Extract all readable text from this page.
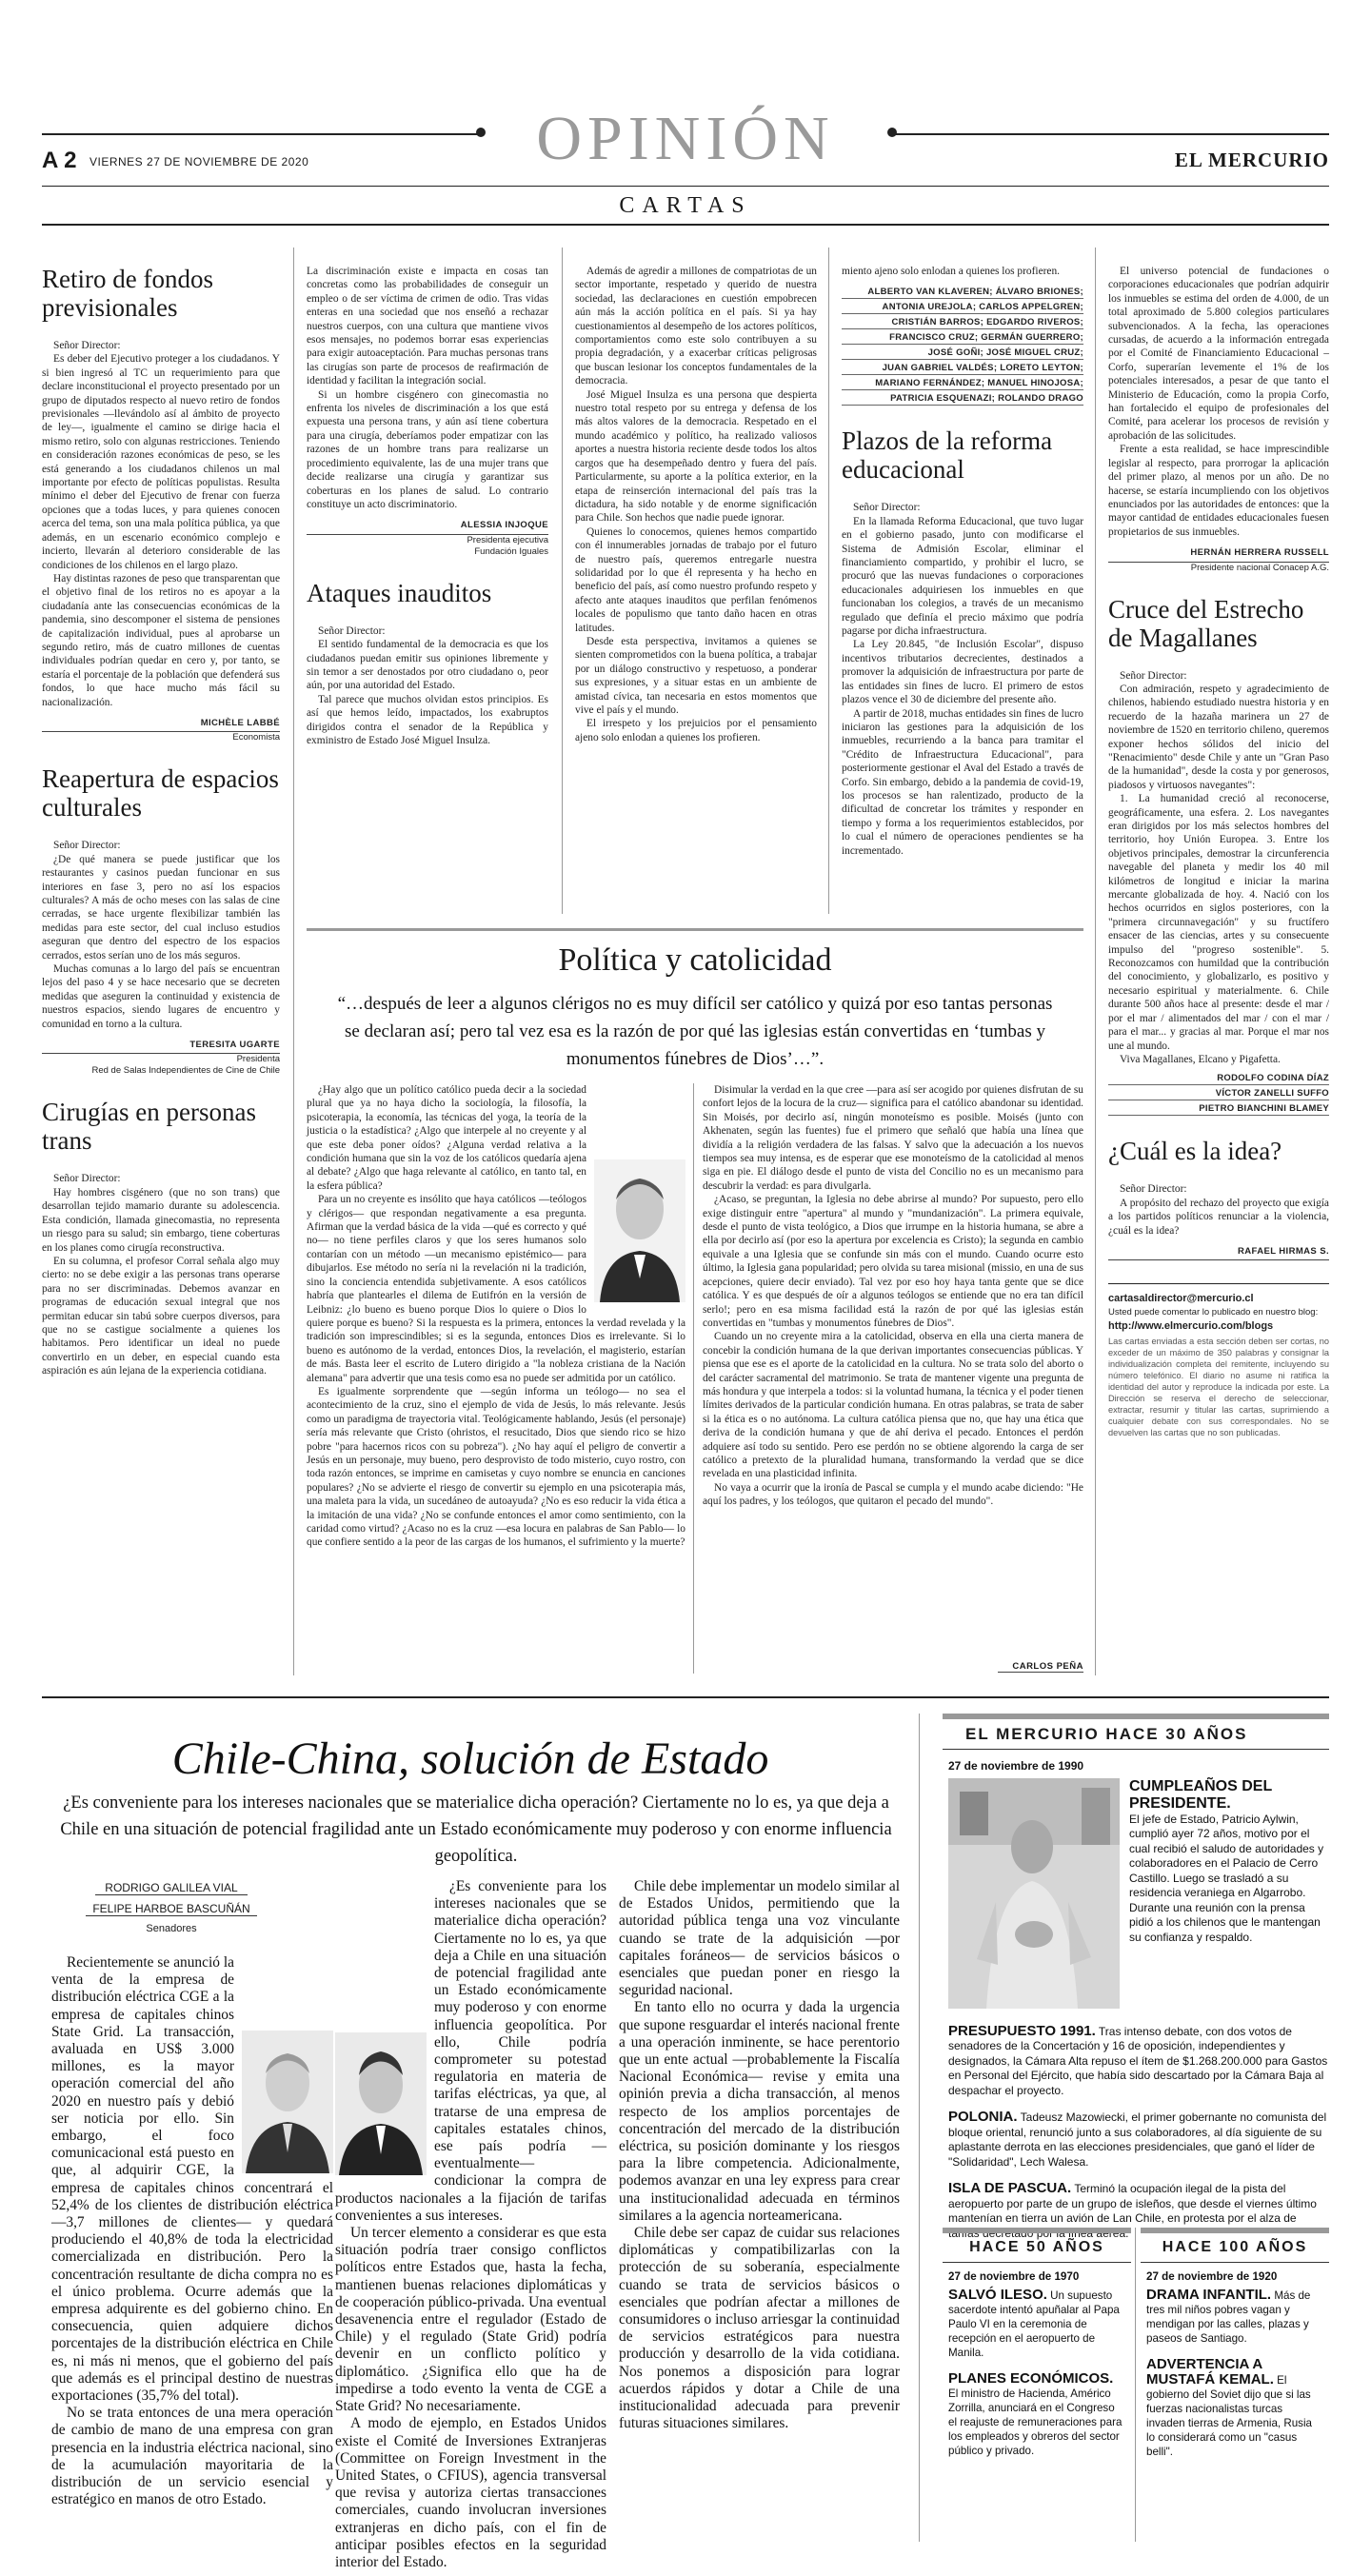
OPINIÓN
A 2 VIERNES 27 DE NOVIEMBRE DE 2020	EL MERCURIO
CARTAS
Retiro de fondos previsionales

Señor Director:

Es deber del Ejecutivo proteger a los ciudadanos. Y si bien ingresó al TC un requerimiento para que declare inconstitucional el proyecto presentado por un grupo de diputados respecto al nuevo retiro de fondos previsionales —llevándolo así al ámbito de proyecto de ley—, igualmente el camino se dirige hacia el mismo retiro, solo con algunas restricciones. Teniendo en consideración razones económicas de peso, se les está generando a los ciudadanos chilenos un mal importante por efecto de políticas populistas. Resulta mínimo el deber del Ejecutivo de frenar con fuerza opciones que a todas luces, y para quienes conocen acerca del tema, son una mala política pública, ya que además, en un escenario económico complejo e incierto, llevarán al deterioro considerable de las condiciones de los chilenos en el largo plazo.

Hay distintas razones de peso que transparentan que el objetivo final de los retiros no es apoyar a la ciudadanía ante las consecuencias económicas de la pandemia, sino descomponer el sistema de pensiones de capitalización individual, pues al aprobarse un segundo retiro, más de cuatro millones de cuentas individuales podrían quedar en cero y, por tanto, se estaría el porcentaje de la población que defenderá sus fondos, lo que hace mucho más fácil su nacionalización.

MICHÈLE LABBÉ
Economista
Reapertura de espacios culturales

Señor Director:

¿De qué manera se puede justificar que los restaurantes y casinos puedan funcionar en sus interiores en fase 3, pero no así los espacios culturales? A más de ocho meses con las salas de cine cerradas, se hace urgente flexibilizar también las medidas para este sector, del cual incluso estudios aseguran que dentro del espectro de los espacios cerrados, estos serían uno de los más seguros.

Muchas comunas a lo largo del país se encuentran lejos del paso 4 y se hace necesario que se decreten medidas que aseguren la continuidad y existencia de nuestros espacios, siendo lugares de encuentro y comunidad en torno a la cultura.

TERESITA UGARTE
Presidenta
Red de Salas Independientes de Cine de Chile
Cirugías en personas trans

Señor Director:

Hay hombres cisgénero (que no son trans) que desarrollan tejido mamario durante su adolescencia. Esta condición, llamada ginecomastia, no representa un riesgo para su salud; sin embargo, tiene coberturas en los planes como cirugía reconstructiva.

En su columna, el profesor Corral señala algo muy cierto: no se debe exigir a las personas trans operarse para no ser discriminadas. Debemos avanzar en programas de educación sexual integral que nos permitan educar sin tabú sobre cuerpos diversos, para que no se castigue socialmente a quienes los habitamos. Pero identificar un ideal no puede convertirlo en un deber, en especial cuando esta aspiración es aún lejana de la experiencia cotidiana.

La discriminación existe e impacta en cosas tan concretas como las probabilidades de conseguir un empleo o de ser víctima de crimen de odio. Tras vidas enteras en una sociedad que nos enseñó a rechazar nuestros cuerpos, con una cultura que mantiene vivos esos mensajes, no podemos borrar esas experiencias para exigir autoaceptación. Para muchas personas trans las cirugías son parte de procesos de reafirmación de identidad y facilitan la integración social.

Si un hombre cisgénero con ginecomastia no enfrenta los niveles de discriminación a los que está expuesta una persona trans, y aún así tiene cobertura para una cirugía, deberíamos poder empatizar con las razones de un hombre trans para realizarse un procedimiento equivalente, las de una mujer trans que decide realizarse una cirugía y garantizar sus coberturas en los planes de salud. Lo contrario constituye un acto discriminatorio.

ALESSIA INJOQUE
Presidenta ejecutiva
Fundación Iguales
Ataques inauditos

Señor Director:

El sentido fundamental de la democracia es que los ciudadanos puedan emitir sus opiniones libremente y sin temor a ser denostados por otro ciudadano o, peor aún, por una autoridad del Estado.

Tal parece que muchos olvidan estos principios. Es así que hemos leído, impactados, los exabruptos dirigidos contra el senador de la República y exministro de Estado José Miguel Insulza.

Además de agredir a millones de compatriotas de un sector importante, respetado y querido de nuestra sociedad, las declaraciones en cuestión empobrecen aún más la acción política en el país. Si ya hay cuestionamientos al desempeño de los actores políticos, comportamientos como este solo contribuyen a su propia degradación, y a exacerbar críticas peligrosas que buscan lesionar los conceptos fundamentales de la democracia.

José Miguel Insulza es una persona que despierta nuestro total respeto por su entrega y defensa de los más altos valores de la democracia. Respetado en el mundo académico y político, ha realizado valiosos aportes a nuestra historia reciente desde todos los altos cargos que ha desempeñado dentro y fuera del país. Particularmente, su aporte a la política exterior, en la etapa de reinserción internacional del país tras la dictadura, ha sido notable y de enorme significación para Chile. Son hechos que nadie puede ignorar.

Quienes lo conocemos, quienes hemos compartido con él innumerables jornadas de trabajo por el futuro de nuestro país, queremos entregarle nuestra solidaridad por lo que él representa y ha hecho en beneficio del país, así como nuestro profundo respeto y afecto ante ataques inauditos que perfilan fenómenos locales de populismo que tanto daño hacen en otras latitudes.

Desde esta perspectiva, invitamos a quienes se sienten comprometidos con la buena política, a trabajar por un diálogo constructivo y respetuoso, a ponderar sus expresiones, y a situar estas en un ambiente de amistad cívica, tan necesaria en estos momentos que vive el país y el mundo.

El irrespeto y los prejuicios por el pensamiento ajeno solo enlodan a quienes los profieren.

miento ajeno solo enlodan a quienes los profieren.

ALBERTO VAN KLAVEREN; ÁLVARO BRIONES;
ANTONIA UREJOLA; CARLOS APPELGREN;
CRISTIÁN BARROS; EDGARDO RIVEROS;
FRANCISCO CRUZ; GERMÁN GUERRERO;
JOSÉ GOÑI; JOSÉ MIGUEL CRUZ;
JUAN GABRIEL VALDÉS; LORETO LEYTON;
MARIANO FERNÁNDEZ; MANUEL HINOJOSA;
PATRICIA ESQUENAZI; ROLANDO DRAGO
Plazos de la reforma educacional

Señor Director:

En la llamada Reforma Educacional, que tuvo lugar en el gobierno pasado, junto con modificarse el Sistema de Admisión Escolar, eliminar el financiamiento compartido, y prohibir el lucro, se procuró que las nuevas fundaciones o corporaciones educacionales adquiriesen los inmuebles en que funcionaban los colegios, a través de un mecanismo regulado que definía el precio máximo que podría pagarse por dicha infraestructura.

La Ley 20.845, "de Inclusión Escolar", dispuso incentivos tributarios decrecientes, destinados a promover la adquisición de infraestructura por parte de las entidades sin fines de lucro. El primero de estos plazos vence el 30 de diciembre del presente año.

A partir de 2018, muchas entidades sin fines de lucro iniciaron las gestiones para la adquisición de los inmuebles, recurriendo a la banca para tramitar el "Crédito de Infraestructura Educacional", para posteriormente gestionar el Aval del Estado a través de Corfo. Sin embargo, debido a la pandemia de covid-19, los procesos se han ralentizado, producto de la dificultad de concretar los trámites y responder en tiempo y forma a los requerimientos establecidos, por lo cual el número de operaciones pendientes se ha incrementado.

El universo potencial de fundaciones o corporaciones educacionales que podrían adquirir los inmuebles se estima del orden de 4.000, de un total aproximado de 5.800 colegios particulares subvencionados. A la fecha, las operaciones cursadas, de acuerdo a la información entregada por el Comité de Financiamiento Educacional –Corfo, superarían levemente el 1% de los potenciales interesados, a pesar de que tanto el Ministerio de Educación, como la propia Corfo, han fortalecido el equipo de profesionales del Comité, para acelerar los procesos de revisión y aprobación de las solicitudes.

Frente a esta realidad, se hace imprescindible legislar al respecto, para prorrogar la aplicación del primer plazo, al menos por un año. De no hacerse, se estaría incumpliendo con los objetivos enunciados por las autoridades de entonces: que la mayor cantidad de entidades educacionales fuesen propietarios de sus inmuebles.

HERNÁN HERRERA RUSSELL
Presidente nacional Conacep A.G.
Cruce del Estrecho de Magallanes

Señor Director:

Con admiración, respeto y agradecimiento de chilenos, habiendo estudiado nuestra historia y en recuerdo de la hazaña marinera un 27 de noviembre de 1520 en territorio chileno, queremos exponer hechos sólidos del inicio del "Renacimiento" desde Chile y ante un "Gran Paso de la humanidad", desde la costa y por generosos, piadosos y virtuosos navegantes":

1. La humanidad creció al reconocerse, geográficamente, una esfera. 2. Los navegantes eran dirigidos por los más selectos hombres del territorio, hoy Unión Europea. 3. Entre los objetivos principales, demostrar la circunferencia navegable del planeta y medir los 40 mil kilómetros de longitud e iniciar la marina mercante globalizada de hoy. 4. Nació con los hechos ocurridos en siglos posteriores, con la "primera circunnavegación" y su fructífero ensacer de las ciencias, artes y su consecuente impulso del "progreso sostenible". 5. Reconozcamos con humildad que la contribución del conocimiento, y globalizarlo, es positivo y necesario espiritual y materialmente. 6. Chile durante 500 años hace al presente: desde el mar / por el mar / alimentados del mar / con el mar / para el mar... y gracias al mar. Porque el mar nos une al mundo.

Viva Magallanes, Elcano y Pigafetta.

RODOLFO CODINA DÍAZ
VÍCTOR ZANELLI SUFFO
PIETRO BIANCHINI BLAMEY
¿Cuál es la idea?

Señor Director:

A propósito del rechazo del proyecto que exigía a los partidos políticos renunciar a la violencia, ¿cuál es la idea?

RAFAEL HIRMAS S.
cartasaldirector@mercurio.cl
Usted puede comentar lo publicado en nuestro blog:
http://www.elmercurio.com/blogs
Las cartas enviadas a esta sección deben ser cortas, no exceder de un máximo de 350 palabras y consignar la individualización completa del remitente, incluyendo su número telefónico. El diario no asume ni ratifica la identidad del autor y reproduce la indicada por este. La Dirección se reserva el derecho de seleccionar, extractar, resumir y titular las cartas, suprimiendo a cualquier debate con sus correspondales. No se devuelven las cartas que no son publicadas.
Política y catolicidad
“…después de leer a algunos clérigos no es muy difícil ser católico y quizá por eso tantas personas se declaran así; pero tal vez esa es la razón de por qué las iglesias están convertidas en ‘tumbas y monumentos fúnebres de Dios’…”.

¿Hay algo que un político católico pueda decir a la sociedad plural que ya no haya dicho la sociología, la filosofía, la psicoterapia, la economía, las técnicas del yoga, la teoría de la justicia o la estadística? ¿Algo que interpele al no creyente y al que este deba poner oídos? ¿Alguna verdad relativa a la condición humana que sin la voz de los católicos quedaría ajena al debate? ¿Algo que haga relevante al católico, en tanto tal, en la esfera pública?

Para un no creyente es insólito que haya católicos —teólogos y clérigos— que respondan negativamente a esa pregunta. Afirman que la verdad básica de la vida —qué es correcto y qué no— no tiene perfiles claros y que los seres humanos solo contarían con un método —un mecanismo epistémico— para dibujarlos. Ese método no sería ni la revelación ni la tradición, sino la conciencia entendida subjetivamente. A esos católicos habría que plantearles el dilema de Eutifrón en la versión de Leibniz: ¿lo bueno es bueno porque Dios lo quiere o Dios lo quiere porque es bueno? Si la respuesta es la primera, entonces la verdad revelada y la tradición son imprescindibles; si es la segunda, entonces Dios es irrelevante. Si lo bueno es autónomo de la verdad, entonces Dios, la revelación, el magisterio, estarían de más. Basta leer el escrito de Lutero dirigido a "la nobleza cristiana de la Nación alemana" para advertir que una tesis como esa no puede ser admitida por un católico.

Es igualmente sorprendente que —según informa un teólogo— no sea el acontecimiento de la cruz, sino el ejemplo de vida de Jesús, lo más relevante. Jesús como un paradigma de trayectoria vital. Teológicamente hablando, Jesús (el personaje) sería más relevante que Cristo (ohristos, el resucitado, Dios que siendo rico se hizo pobre "para hacernos ricos con su pobreza"). ¿No hay aquí el peligro de convertir a Jesús en un personaje, muy bueno, pero desprovisto de todo misterio, cuyo rostro, con toda razón entonces, se imprime en camisetas y cuyo nombre se enuncia en canciones populares? ¿No se advierte el riesgo de convertir su ejemplo en una psicoterapia más, una maleta para la vida, un sucedáneo de autoayuda? ¿No es eso reducir la vida ética a la imitación de una vida? ¿No se confunde entonces el amor como sentimiento, con la caridad como virtud? ¿Acaso no es la cruz —esa locura en palabras de San Pablo— lo que confiere sentido a la peor de las cargas de los humanos, el sufrimiento y la muerte?

Disimular la verdad en la que cree —para así ser acogido por quienes disfrutan de su confort lejos de la locura de la cruz— significa para el católico abandonar su identidad. Sin Moisés, por decirlo así, ningún monoteísmo es posible. Moisés (junto con Akhenaten, según las fuentes) fue el primero que señaló que había una línea que dividía a la religión verdadera de las falsas. Y salvo que la adecuación a los nuevos tiempos sea muy intensa, es de esperar que ese monoteísmo de la catolicidad al menos siga en pie. El diálogo desde el punto de vista del Concilio no es un mecanismo para descubrir la verdad: es para divulgarla.

¿Acaso, se preguntan, la Iglesia no debe abrirse al mundo? Por supuesto, pero ello exige distinguir entre "apertura" al mundo y "mundanización". La primera equivale, desde el punto de vista teológico, a Dios que irrumpe en la historia humana, se abre a ella por decirlo así (por eso la apertura por excelencia es Cristo); la segunda en cambio equivale a una Iglesia que se confunde sin más con el mundo. Cuando ocurre esto último, la Iglesia gana popularidad; pero olvida su tarea misional (missio, en una de sus acepciones, quiere decir enviado). Tal vez por eso hoy haya tanta gente que se dice católica. Y es que después de oír a algunos teólogos se entiende que no era tan difícil serlo!; pero en esa misma facilidad está la razón de por qué las iglesias están convertidas en "tumbas y monumentos fúnebres de Dios".

Cuando un no creyente mira a la catolicidad, observa en ella una cierta manera de concebir la condición humana de la que derivan importantes consecuencias públicas. Y piensa que ese es el aporte de la catolicidad en la cultura. No se trata solo del aborto o del carácter sacramental del matrimonio. Se trata de mantener vigente una pregunta de más hondura y que interpela a todos: si la voluntad humana, la técnica y el poder tienen límites derivados de la particular condición humana. En otras palabras, se trata de saber si la ética es o no autónoma. La cultura católica piensa que no, que hay una ética que deriva de la condición humana y que de ahí deriva el pecado. Entonces el perdón adquiere así todo su sentido. Pero ese perdón no se obtiene algorendo la carga de ser católico a pretexto de la pluralidad humana, transformando la verdad que se dice revelada en una plasticidad infinita.

No vaya a ocurrir que la ironía de Pascal se cumpla y el mundo acabe diciendo: "He aquí los padres, y los teólogos, que quitaron el pecado del mundo".

CARLOS PEÑA
Chile-China, solución de Estado
¿Es conveniente para los intereses nacionales que se materialice dicha operación? Ciertamente no lo es, ya que deja a Chile en una situación de potencial fragilidad ante un Estado económicamente muy poderoso y con enorme influencia geopolítica.
RODRIGO GALILEA VIAL
FELIPE HARBOE BASCUÑÁN
Senadores

Recientemente se anunció la venta de la empresa de distribución eléctrica CGE a la empresa de capitales chinos State Grid. La transacción, avaluada en US$ 3.000 millones, es la mayor operación comercial del año 2020 en nuestro país y debió ser noticia por ello. Sin embargo, el foco comunicacional está puesto en que, al adquirir CGE, la empresa de capitales chinos concentrará el 52,4% de los clientes de distribución eléctrica —3,7 millones de clientes— y quedará produciendo el 40,8% de toda la electricidad comercializada en distribución. Pero la concentración resultante de dicha compra no es el único problema. Ocurre además que la empresa adquirente es del gobierno chino. En consecuencia, quien adquiere dichos porcentajes de la distribución eléctrica en Chile es, ni más ni menos, que el gobierno del país que además es el principal destino de nuestras exportaciones (35,7% del total).

No se trata entonces de una mera operación de cambio de mano de una empresa con gran presencia en la industria eléctrica nacional, sino de la acumulación mayoritaria de la distribución de un servicio esencial y estratégico en manos de otro Estado.

¿Es conveniente para los intereses nacionales que se materialice dicha operación? Ciertamente no lo es, ya que deja a Chile en una situación de potencial fragilidad ante un Estado económicamente muy poderoso y con enorme influencia geopolítica. Por ello, Chile podría comprometer su potestad regulatoria en materia de tarifas eléctricas, ya que, al tratarse de una empresa de capitales estatales chinos, ese país podría —eventualmente— condicionar la compra de productos nacionales a la fijación de tarifas convenientes a sus intereses.

Un tercer elemento a considerar es que esta situación podría traer consigo conflictos políticos entre Estados que, hasta la fecha, mantienen buenas relaciones diplomáticas y de cooperación público-privada. Una eventual desavenencia entre el regulador (Estado de Chile) y el regulado (State Grid) podría devenir en un conflicto político y diplomático. ¿Significa ello que ha de impedirse a todo evento la venta de CGE a State Grid? No necesariamente.

A modo de ejemplo, en Estados Unidos existe el Comité de Inversiones Extranjeras (Committee on Foreign Investment in the United States, o CFIUS), agencia transversal que revisa y autoriza ciertas transacciones comerciales, cuando involucran inversiones extranjeras en dicho país, con el fin de anticipar posibles efectos en la seguridad interior del Estado.

Chile debe implementar un modelo similar al de Estados Unidos, permitiendo que la autoridad pública tenga una voz vinculante cuando se trate de la adquisición —por capitales foráneos— de servicios básicos o esenciales que puedan poner en riesgo la seguridad nacional.

En tanto ello no ocurra y dada la urgencia que supone resguardar el interés nacional frente a una operación inminente, se hace perentorio que un ente actual —probablemente la Fiscalía Nacional Económica— revise y emita una opinión previa a dicha transacción, al menos respecto de los amplios porcentajes de concentración del mercado de la distribución eléctrica, su posición dominante y los riesgos para la libre competencia. Adicionalmente, podemos avanzar en una ley express para crear una institucionalidad adecuada en términos similares a la agencia norteamericana.

Chile debe ser capaz de cuidar sus relaciones diplomáticas y compatibilizarlas con la protección de su soberanía, especialmente cuando se trata de servicios básicos o esenciales que podrían afectar a millones de consumidores o incluso arriesgar la continuidad de servicios estratégicos para nuestra producción y desarrollo de la vida cotidiana. Nos ponemos a disposición para lograr acuerdos rápidos y dotar a Chile de una institucionalidad adecuada para prevenir futuras situaciones similares.

EL MERCURIO HACE 30 AÑOS
27 de noviembre de 1990
CUMPLEAÑOS DEL PRESIDENTE.
El jefe de Estado, Patricio Aylwin, cumplió ayer 72 años, motivo por el cual recibió el saludo de autoridades y colaboradores en el Palacio de Cerro Castillo. Luego se trasladó a su residencia veraniega en Algarrobo. Durante una reunión con la prensa pidió a los chilenos que le mantengan su confianza y respaldo.
PRESUPUESTO 1991. Tras intenso debate, con dos votos de senadores de la Concertación y 16 de oposición, independientes y designados, la Cámara Alta repuso el ítem de $1.268.200.000 para Gastos en Personal del Ejército, que había sido descartado por la Cámara Baja al despachar el proyecto.
POLONIA. Tadeusz Mazowiecki, el primer gobernante no comunista del bloque oriental, renunció junto a sus colaboradores, al día siguiente de su aplastante derrota en las elecciones presidenciales, que ganó el líder de "Solidaridad", Lech Walesa.
ISLA DE PASCUA. Terminó la ocupación ilegal de la pista del aeropuerto por parte de un grupo de isleños, que desde el viernes último mantenían en tierra un avión de Lan Chile, en protesta por el alza de
HACE 50 AÑOS
27 de noviembre de 1970
SALVÓ ILESO. Un supuesto sacerdote intentó apuñalar al Papa Paulo VI en la ceremonia de recepción en el aeropuerto de Manila.
PLANES ECONÓMICOS. El ministro de Hacienda, Américo Zorrilla, anunciará en el Congreso el reajuste de remuneraciones para los empleados y obreros del sector público y privado.
HACE 100 AÑOS
27 de noviembre de 1920
DRAMA INFANTIL. Más de tres mil niños pobres vagan y mendigan por las calles, plazas y paseos de Santiago.
ADVERTENCIA A MUSTAFÁ KEMAL. El gobierno del Soviet dijo que si las fuerzas nacionalistas turcas invaden tierras de Armenia, Rusia lo considerará como un "casus belli".
